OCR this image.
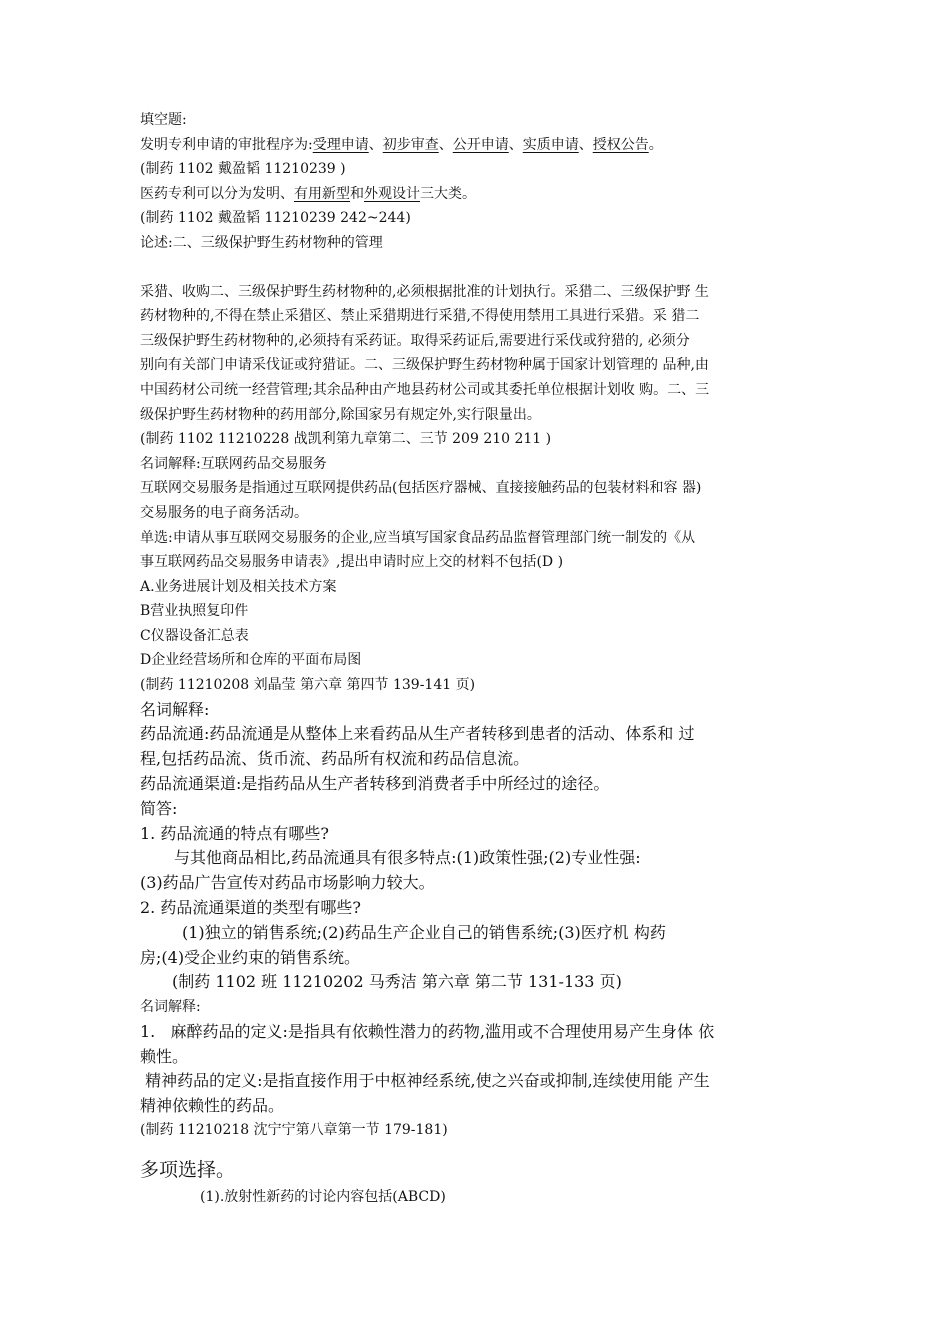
填空题:

发明专利申请的审批程序为:受理申请、初步审查、公开申请、实质申请、授权公告。

(制药 1102 戴盈韬 11210239 )

医药专利可以分为发明、有用新型和外观设计三大类。

(制药 1102 戴盈韬 11210239 242~244)

论述:二、三级保护野生药材物种的管理

采猎、收购二、三级保护野生药材物种的,必须根据批准的计划执行。采猎二、三级保护野 生

药材物种的,不得在禁止采猎区、禁止采猎期进行采猎,不得使用禁用工具进行采猎。采 猎二

三级保护野生药材物种的,必须持有采药证。取得采药证后,需要进行采伐或狩猎的, 必须分

别向有关部门申请采伐证或狩猎证。二、三级保护野生药材物种属于国家计划管理的 品种,由

中国药材公司统一经营管理;其余品种由产地县药材公司或其委托单位根据计划收 购。二、三

级保护野生药材物种的药用部分,除国家另有规定外,实行限量出。

(制药 1102 11210228 战凯利第九章第二、三节 209 210 211 )

名词解释:互联网药品交易服务

互联网交易服务是指通过互联网提供药品(包括医疗器械、直接接触药品的包装材料和容 器)

交易服务的电子商务活动。

单选:申请从事互联网交易服务的企业,应当填写国家食品药品监督管理部门统一制发的《从

事互联网药品交易服务申请表》,提出申请时应上交的材料不包括(D )

A.业务进展计划及相关技术方案

B营业执照复印件

C仪器设备汇总表

D企业经营场所和仓库的平面布局图

(制药 11210208 刘晶莹 第六章 第四节 139-141 页)

名词解释:

药品流通:药品流通是从整体上来看药品从生产者转移到患者的活动、体系和 过

程,包括药品流、货币流、药品所有权流和药品信息流。

药品流通渠道:是指药品从生产者转移到消费者手中所经过的途径。

简答:

1. 药品流通的特点有哪些?

与其他商品相比,药品流通具有很多特点:(1)政策性强;(2)专业性强:

(3)药品广告宣传对药品市场影响力较大。

2. 药品流通渠道的类型有哪些?

(1)独立的销售系统;(2)药品生产企业自己的销售系统;(3)医疗机 构药

房;(4)受企业约束的销售系统。

(制药 1102 班 11210202 马秀洁 第六章 第二节 131-133 页)

名词解释:

1.   麻醉药品的定义:是指具有依赖性潜力的药物,滥用或不合理使用易产生身体 依

赖性。

精神药品的定义:是指直接作用于中枢神经系统,使之兴奋或抑制,连续使用能 产生

精神依赖性的药品。

(制药 11210218 沈宁宁第八章第一节 179-181)

多项选择。

(1).放射性新药的讨论内容包括(ABCD)
